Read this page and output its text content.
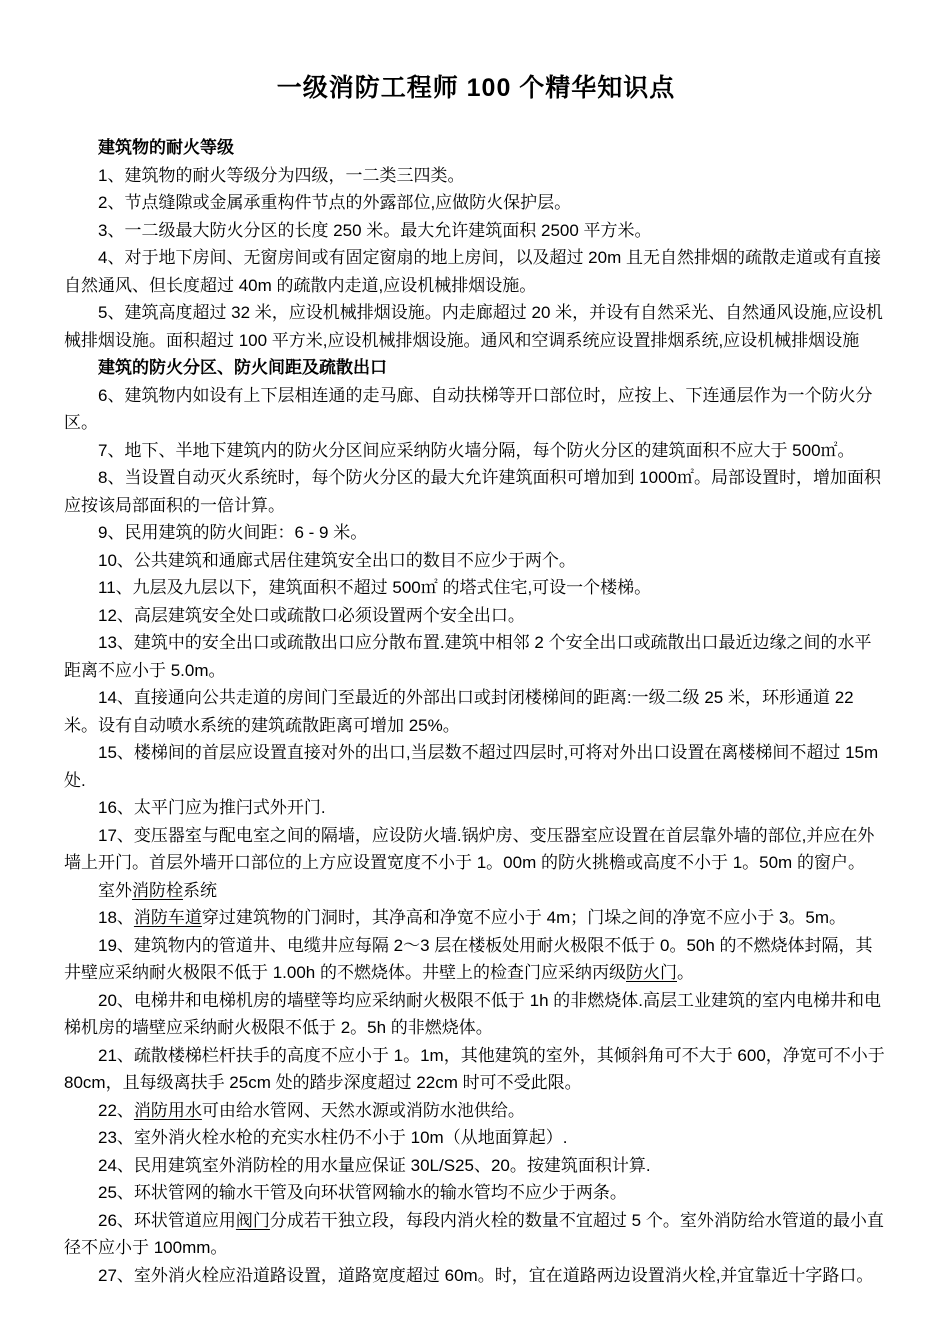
一级消防工程师 100 个精华知识点

建筑物的耐火等级

1、建筑物的耐火等级分为四级，一二类三四类。

2、节点缝隙或金属承重构件节点的外露部位,应做防火保护层。

3、一二级最大防火分区的长度 250 米。最大允许建筑面积 2500 平方米。

4、对于地下房间、无窗房间或有固定窗扇的地上房间，以及超过 20m 且无自然排烟的疏散走道或有直接自然通风、但长度超过 40m 的疏散内走道,应设机械排烟设施。

5、建筑高度超过 32 米，应设机械排烟设施。内走廊超过 20 米，并设有自然采光、自然通风设施,应设机械排烟设施。面积超过 100 平方米,应设机械排烟设施。通风和空调系统应设置排烟系统,应设机械排烟设施

建筑的防火分区、防火间距及疏散出口

6、建筑物内如设有上下层相连通的走马廊、自动扶梯等开口部位时，应按上、下连通层作为一个防火分区。

7、地下、半地下建筑内的防火分区间应采纳防火墙分隔，每个防火分区的建筑面积不应大于 500㎡。

8、当设置自动灭火系统时，每个防火分区的最大允许建筑面积可增加到 1000㎡。局部设置时，增加面积应按该局部面积的一倍计算。

9、民用建筑的防火间距：6 - 9 米。

10、公共建筑和通廊式居住建筑安全出口的数目不应少于两个。

11、九层及九层以下，建筑面积不超过 500㎡ 的塔式住宅,可设一个楼梯。

12、高层建筑安全处口或疏散口必须设置两个安全出口。

13、建筑中的安全出口或疏散出口应分散布置.建筑中相邻 2 个安全出口或疏散出口最近边缘之间的水平距离不应小于 5.0m。

14、直接通向公共走道的房间门至最近的外部出口或封闭楼梯间的距离:一级二级 25 米，环形通道 22 米。设有自动喷水系统的建筑疏散距离可增加 25%。

15、楼梯间的首层应设置直接对外的出口,当层数不超过四层时,可将对外出口设置在离楼梯间不超过 15m 处.

16、太平门应为推闩式外开门.

17、变压器室与配电室之间的隔墙，应设防火墙.锅炉房、变压器室应设置在首层靠外墙的部位,并应在外墙上开门。首层外墙开口部位的上方应设置宽度不小于 1。00m 的防火挑檐或高度不小于 1。50m 的窗户。

室外消防栓系统

18、消防车道穿过建筑物的门洞时，其净高和净宽不应小于 4m；门垛之间的净宽不应小于 3。5m。

19、建筑物内的管道井、电缆井应每隔 2～3 层在楼板处用耐火极限不低于 0。50h 的不燃烧体封隔，其井壁应采纳耐火极限不低于 1.00h 的不燃烧体。井壁上的检查门应采纳丙级防火门。

20、电梯井和电梯机房的墙壁等均应采纳耐火极限不低于 1h 的非燃烧体.高层工业建筑的室内电梯井和电梯机房的墙壁应采纳耐火极限不低于 2。5h 的非燃烧体。

21、疏散楼梯栏杆扶手的高度不应小于 1。1m，其他建筑的室外，其倾斜角可不大于 600，净宽可不小于 80cm，且每级离扶手 25cm 处的踏步深度超过 22cm 时可不受此限。

22、消防用水可由给水管网、天然水源或消防水池供给。

23、室外消火栓水枪的充实水柱仍不小于 10m（从地面算起）.

24、民用建筑室外消防栓的用水量应保证 30L/S25、20。按建筑面积计算.

25、环状管网的输水干管及向环状管网输水的输水管均不应少于两条。

26、环状管道应用阀门分成若干独立段，每段内消火栓的数量不宜超过 5 个。室外消防给水管道的最小直径不应小于 100mm。

27、室外消火栓应沿道路设置，道路宽度超过 60m。时，宜在道路两边设置消火栓,并宜靠近十字路口。
